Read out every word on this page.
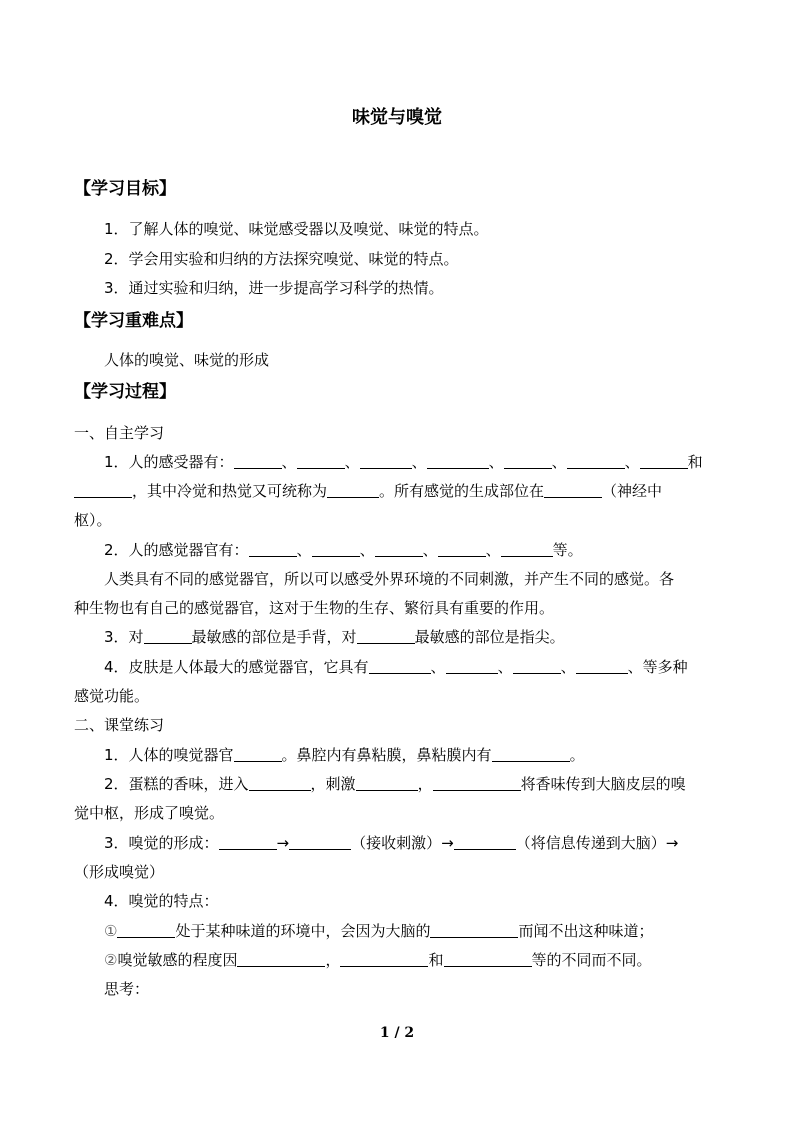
味觉与嗅觉
【学习目标】
1．了解人体的嗅觉、味觉感受器以及嗅觉、味觉的特点。
2．学会用实验和归纳的方法探究嗅觉、味觉的特点。
3．通过实验和归纳，进一步提高学习科学的热情。
【学习重难点】
人体的嗅觉、味觉的形成
【学习过程】
一、自主学习
1．人的感受器有：	、	、	、	、	、	、	和
，其中冷觉和热觉又可统称为	。所有感觉的生成部位在	（神经中
枢）。
2．人的感觉器官有：	、	、	、	、	等。
人类具有不同的感觉器官，所以可以感受外界环境的不同刺激，并产生不同的感觉。各
种生物也有自己的感觉器官，这对于生物的生存、繁衍具有重要的作用。
3．对	最敏感的部位是手背，对	最敏感的部位是指尖。
4．皮肤是人体最大的感觉器官，它具有	、	、	、	、等多种
感觉功能。
二、课堂练习
1．人体的嗅觉器官	。鼻腔内有鼻粘膜，鼻粘膜内有	。
2．蛋糕的香味，进入	，刺激	，	将香味传到大脑皮层的嗅
觉中枢，形成了嗅觉。
3．嗅觉的形成：	→	（接收刺激）→	（将信息传递到大脑）→
（形成嗅觉）
4．嗅觉的特点：
①	处于某种味道的环境中，会因为大脑的	而闻不出这种味道；
②嗅觉敏感的程度因	，	和	等的不同而不同。
思考：
1 / 2
